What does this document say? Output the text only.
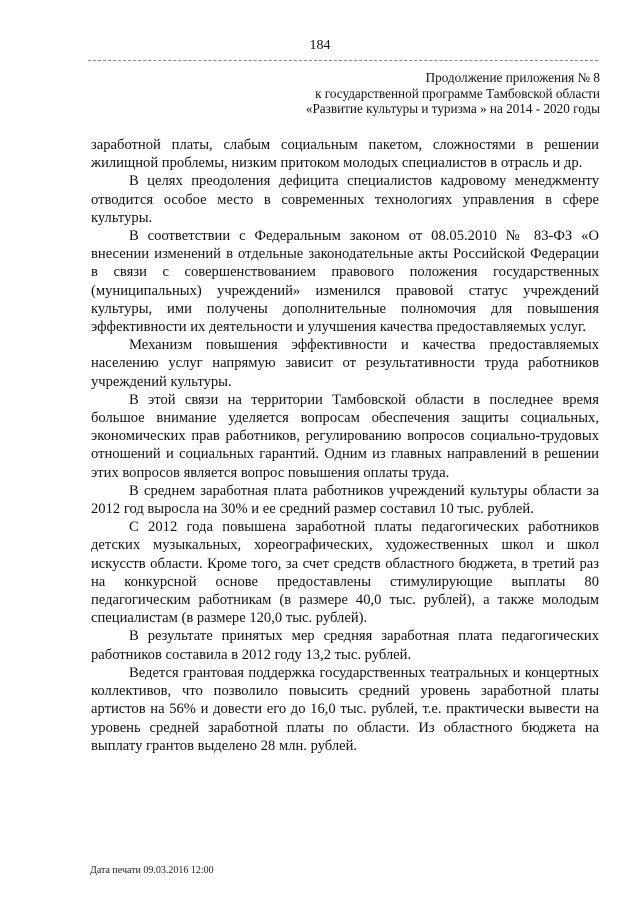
184
Продолжение приложения № 8
к государственной программе Тамбовской области
«Развитие культуры и туризма » на 2014 - 2020 годы

заработной платы, слабым социальным пакетом, сложностями в решении жилищной проблемы, низким притоком молодых специалистов в отрасль и др.

В целях преодоления дефицита специалистов кадровому менеджменту отводится особое место в современных технологиях управления в сфере культуры.

В соответствии с Федеральным законом от 08.05.2010 № 83-ФЗ «О внесении изменений в отдельные законодательные акты Российской Федерации в связи с совершенствованием правового положения государственных (муниципальных) учреждений» изменился правовой статус учреждений культуры, ими получены дополнительные полномочия для повышения эффективности их деятельности и улучшения качества предоставляемых услуг.

Механизм повышения эффективности и качества предоставляемых населению услуг напрямую зависит от результативности труда работников учреждений культуры.

В этой связи на территории Тамбовской области в последнее время большое внимание уделяется вопросам обеспечения защиты социальных, экономических прав работников, регулированию вопросов социально-трудовых отношений и социальных гарантий. Одним из главных направлений в решении этих вопросов является вопрос повышения оплаты труда.

В среднем заработная плата работников учреждений культуры области за 2012 год выросла на 30% и ее средний размер составил 10 тыс. рублей.

С 2012 года повышена заработной платы педагогических работников детских музыкальных, хореографических, художественных школ и школ искусств области. Кроме того, за счет средств областного бюджета, в третий раз на конкурсной основе предоставлены стимулирующие выплаты 80 педагогическим работникам (в размере 40,0 тыс. рублей), а также молодым специалистам (в размере 120,0 тыс. рублей).

В результате принятых мер средняя заработная плата педагогических работников составила в 2012 году 13,2 тыс. рублей.

Ведется грантовая поддержка государственных театральных и концертных коллективов, что позволило повысить средний уровень заработной платы артистов на 56% и довести его до 16,0 тыс. рублей, т.е. практически вывести на уровень средней заработной платы по области. Из областного бюджета на выплату грантов выделено 28 млн. рублей.

Дата печати 09.03.2016 12:00
